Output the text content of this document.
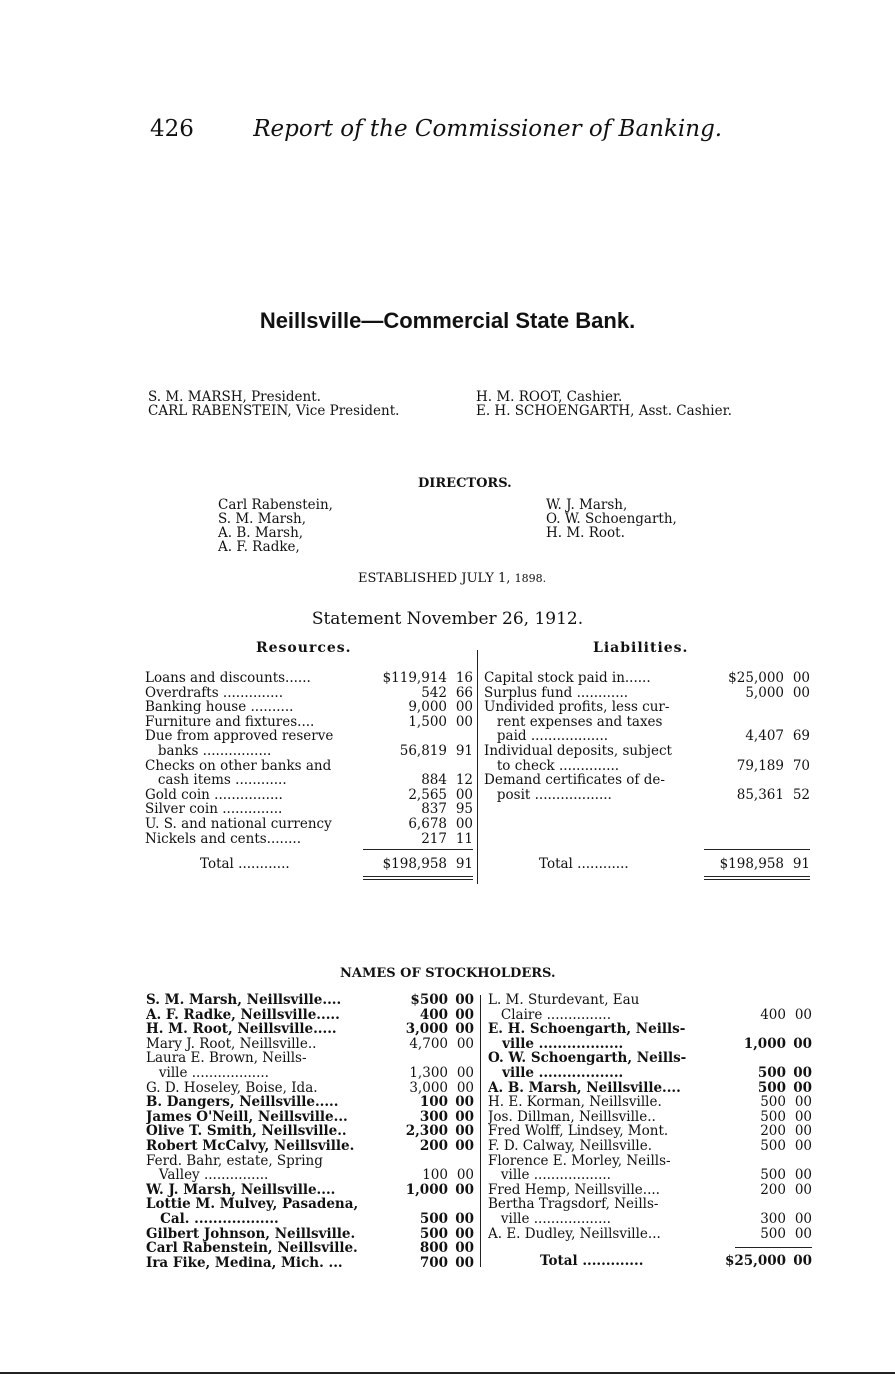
426	Report of the Commissioner of Banking.
Neillsville—Commercial State Bank.
S. M. MARSH, President.
CARL RABENSTEIN, Vice President.
H. M. ROOT, Cashier.
E. H. SCHOENGARTH, Asst. Cashier.
DIRECTORS.
Carl Rabenstein,
S. M. Marsh,
A. B. Marsh,
A. F. Radke,
W. J. Marsh,
O. W. Schoengarth,
H. M. Root.
ESTABLISHED JULY 1, 1898.
Statement November 26, 1912.
Resources.	Liabilities.
Loans and discounts......	$119,914 16
Overdrafts ..............	542 66
Banking house ..........	9,000 00
Furniture and fixtures....	1,500 00
Due from approved reserve
banks ................	56,819 91
Checks on other banks and
cash items ............	884 12
Gold coin ................	2,565 00
Silver coin ..............	837 95
U. S. and national currency	6,678 00
Nickels and cents........	217 11
Total ............	$198,958 91
Capital stock paid in......	$25,000 00
Surplus fund ............	5,000 00
Undivided profits, less cur-
rent expenses and taxes
paid ..................	4,407 69
Individual deposits, subject
to check ..............	79,189 70
Demand certificates of de-
posit ..................	85,361 52
Total ............	$198,958 91
NAMES OF STOCKHOLDERS.
S. M. Marsh, Neillsville....	$500 00
A. F. Radke, Neillsville.....	400 00
H. M. Root, Neillsville.....	3,000 00
Mary J. Root, Neillsville..	4,700 00
Laura E. Brown, Neills-
ville ..................	1,300 00
G. D. Hoseley, Boise, Ida.	3,000 00
B. Dangers, Neillsville.....	100 00
James O'Neill, Neillsville...	300 00
Olive T. Smith, Neillsville..	2,300 00
Robert McCalvy, Neillsville.	200 00
Ferd. Bahr, estate, Spring
Valley ...............	100 00
W. J. Marsh, Neillsville....	1,000 00
Lottie M. Mulvey, Pasadena,
Cal. ..................	500 00
Gilbert Johnson, Neillsville.	500 00
Carl Rabenstein, Neillsville.	800 00
Ira Fike, Medina, Mich. ...	700 00
L. M. Sturdevant, Eau
Claire ...............	400 00
E. H. Schoengarth, Neills-
ville ..................	1,000 00
O. W. Schoengarth, Neills-
ville ..................	500 00
A. B. Marsh, Neillsville....	500 00
H. E. Korman, Neillsville.	500 00
Jos. Dillman, Neillsville..	500 00
Fred Wolff, Lindsey, Mont.	200 00
F. D. Calway, Neillsville.	500 00
Florence E. Morley, Neills-
ville ..................	500 00
Fred Hemp, Neillsville....	200 00
Bertha Tragsdorf, Neills-
ville ..................	300 00
A. E. Dudley, Neillsville...	500 00
Total .............	$25,000 00
